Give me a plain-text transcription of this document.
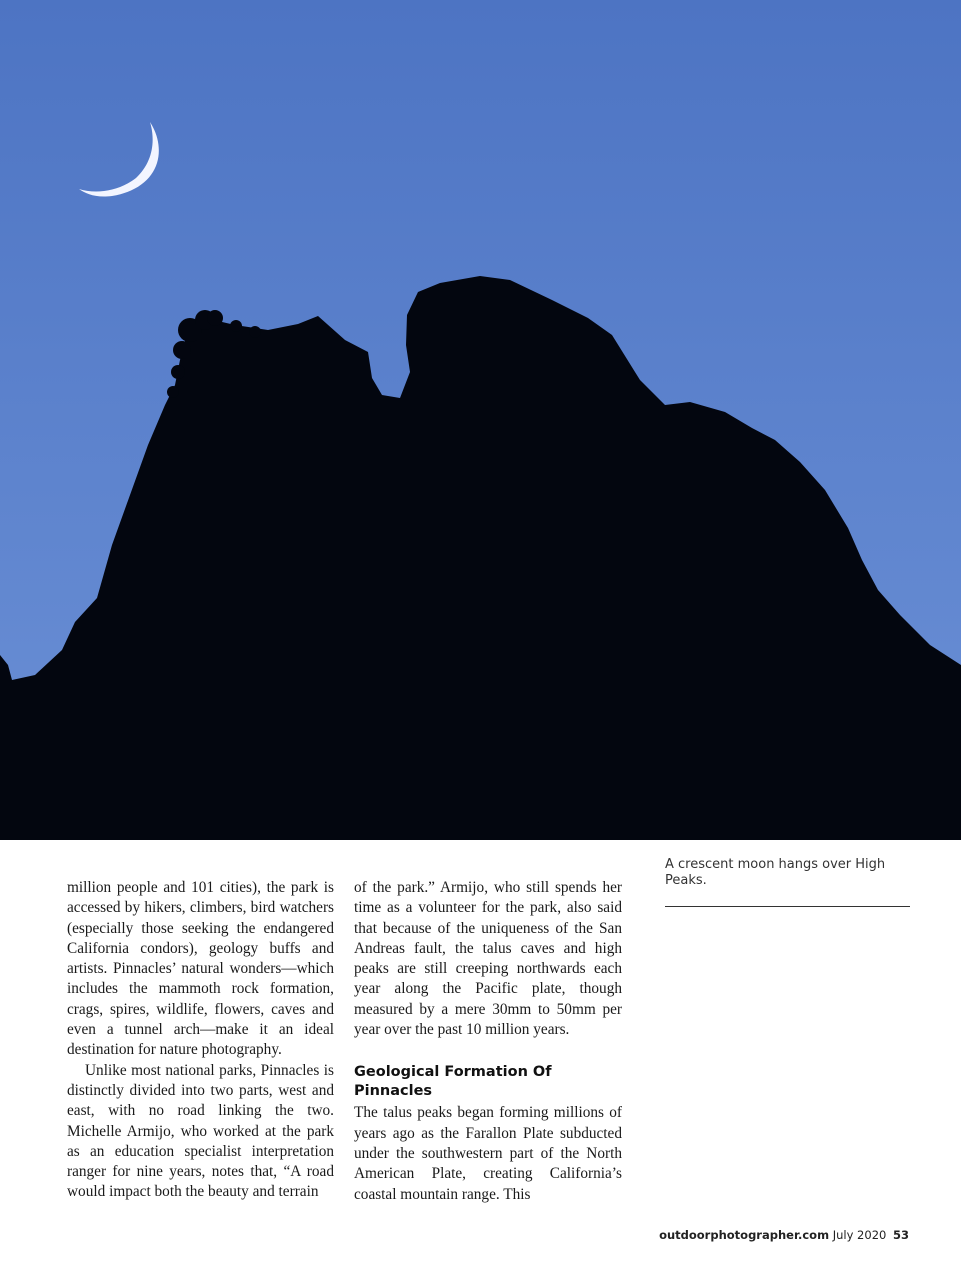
A crescent moon hangs over High Peaks.

million people and 101 cities), the park is accessed by hikers, climbers, bird watchers (especially those seeking the endangered California condors), geology buffs and artists. Pinnacles’ natural wonders—which includes the mammoth rock formation, crags, spires, wildlife, flowers, caves and even a tunnel arch—make it an ideal destination for nature photography.

Unlike most national parks, Pinnacles is distinctly divided into two parts, west and east, with no road linking the two. Michelle Armijo, who worked at the park as an education specialist interpretation ranger for nine years, notes that, “A road would impact both the beauty and terrain

of the park.” Armijo, who still spends her time as a volunteer for the park, also said that because of the uniqueness of the San Andreas fault, the talus caves and high peaks are still creeping northwards each year along the Pacific plate, though measured by a mere 30mm to 50mm per year over the past 10 million years.

Geological Formation Of Pinnacles

The talus peaks began forming millions of years ago as the Farallon Plate subducted under the southwestern part of the North American Plate, creating California’s coastal mountain range. This

outdoorphotographer.com July 2020 53
